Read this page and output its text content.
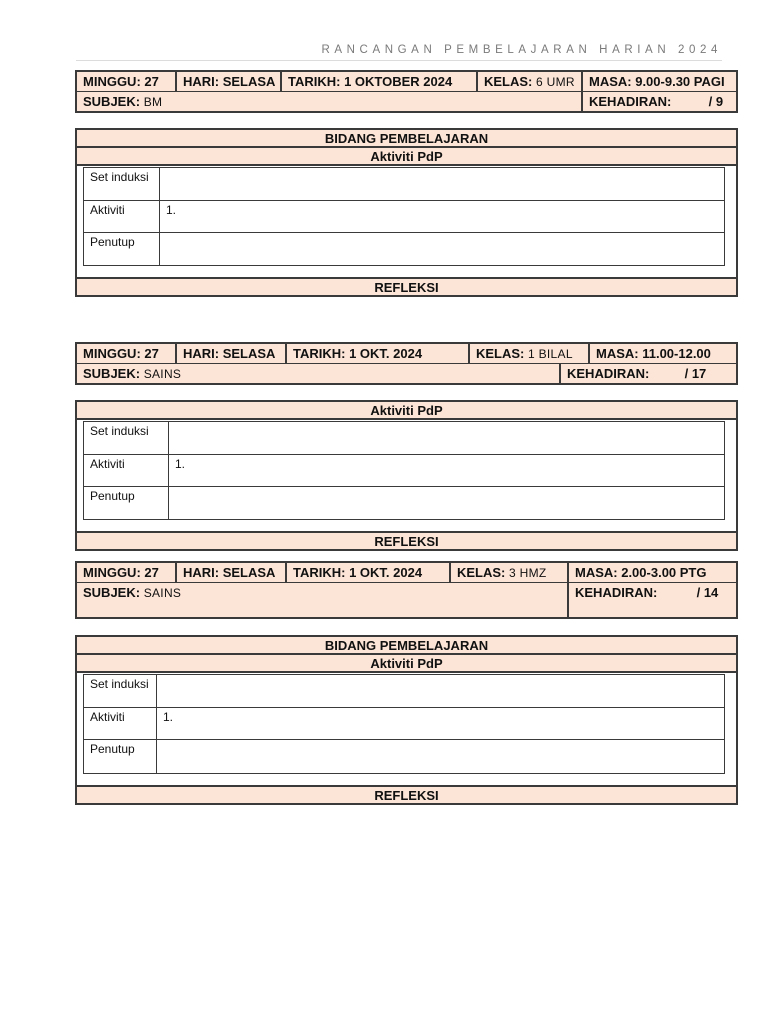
RANCANGAN PEMBELAJARAN HARIAN 2024
MINGGU: 27	HARI: SELASA TARIKH: 1 OKTOBER 2024	KELAS: 6 UMR	MASA: 9.00-9.30 PAGI
SUBJEK: BM	KEHADIRAN:	/ 9
BIDANG PEMBELAJARAN
Aktiviti PdP
Set induksi	
Aktiviti	1.
Penutup	
REFLEKSI
MINGGU: 27	HARI: SELASA	TARIKH: 1 OKT. 2024	KELAS: 1 BILAL	MASA: 11.00-12.00
SUBJEK: SAINS	KEHADIRAN:	/ 17
Aktiviti PdP
Set induksi	
Aktiviti	1.
Penutup	
REFLEKSI
MINGGU: 27	HARI: SELASA	TARIKH: 1 OKT. 2024	KELAS: 3 HMZ	MASA: 2.00-3.00 PTG
SUBJEK: SAINS	KEHADIRAN:	/ 14
BIDANG PEMBELAJARAN
Aktiviti PdP
Set induksi	
Aktiviti	1.
Penutup	
REFLEKSI
